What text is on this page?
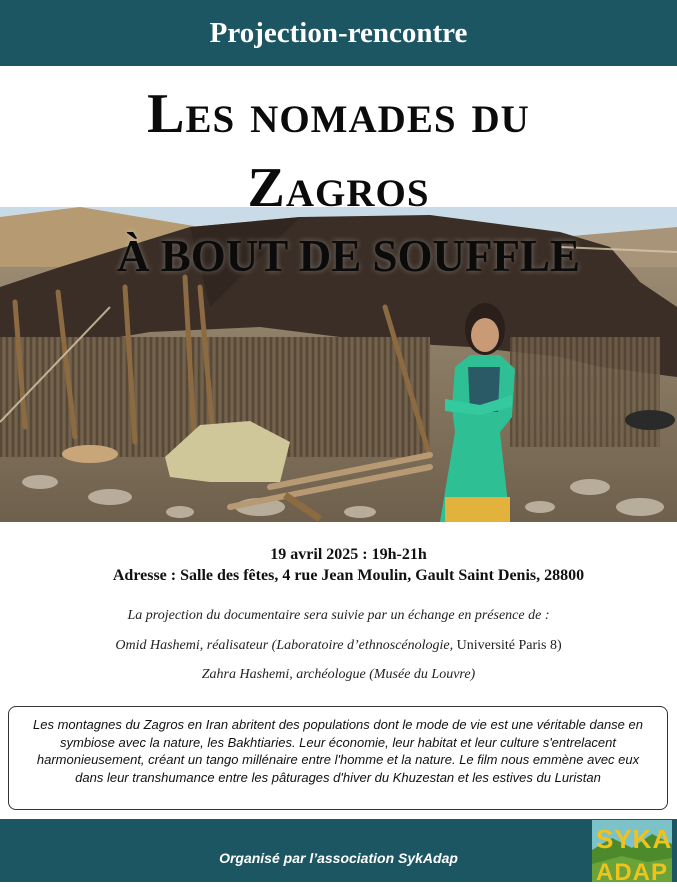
Projection-rencontre
Les nomades du
Zagros
À BOUT DE SOUFFLE
19 avril 2025 : 19h-21h
Adresse : Salle des fêtes, 4 rue Jean Moulin, Gault Saint Denis, 28800
La projection du documentaire sera suivie par un échange en présence de :
Omid Hashemi, réalisateur (Laboratoire d’ethnoscénologie, Université Paris 8)
Zahra Hashemi, archéologue (Musée du Louvre)
Les montagnes du Zagros en Iran abritent des populations dont le mode de vie est une véritable danse en symbiose avec la nature, les Bakhtiaries. Leur économie, leur habitat et leur culture s'entrelacent harmonieusement, créant un tango millénaire entre l'homme et la nature. Le film nous emmène avec eux dans leur transhumance entre les pâturages d'hiver du Khuzestan et les estives du Luristan
Organisé par l’association SykAdap
SYKA
ADAP
